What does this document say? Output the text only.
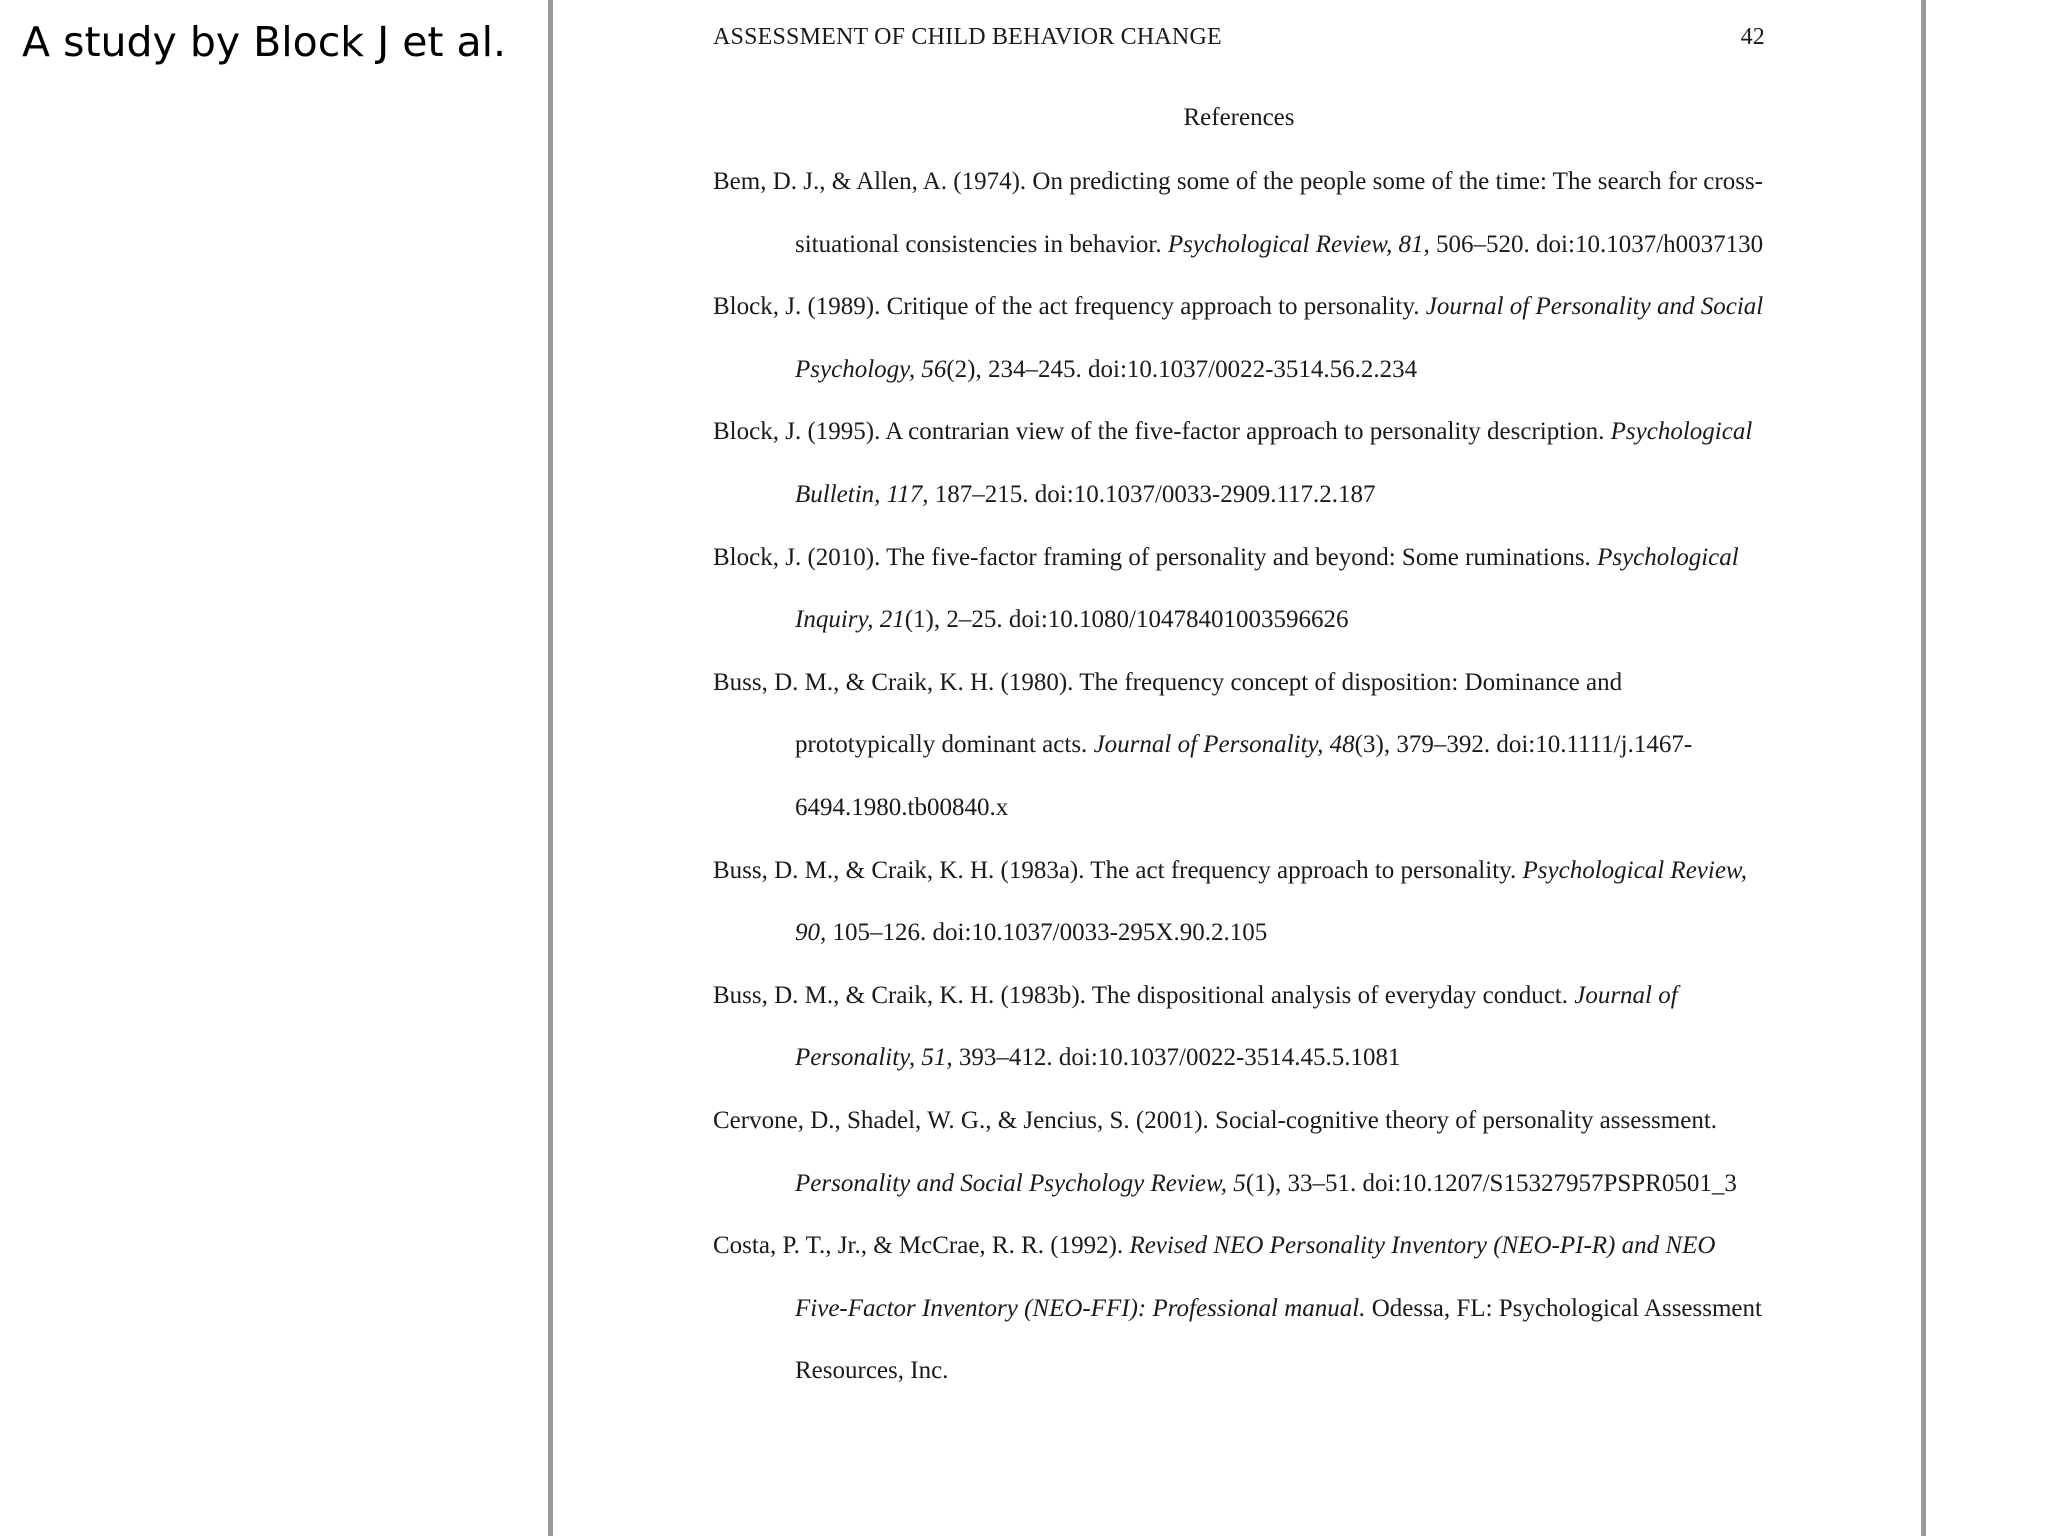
A study by Block J et al.	ASSESSMENT OF CHILD BEHAVIOR CHANGE	42
References

Bem, D. J., & Allen, A. (1974). On predicting some of the people some of the time: The search for cross-situational consistencies in behavior. Psychological Review, 81, 506–520. doi:10.1037/h0037130

Block, J. (1989). Critique of the act frequency approach to personality. Journal of Personality and Social Psychology, 56(2), 234–245. doi:10.1037/0022-3514.56.2.234

Block, J. (1995). A contrarian view of the five-factor approach to personality description. Psychological Bulletin, 117, 187–215. doi:10.1037/0033-2909.117.2.187

Block, J. (2010). The five-factor framing of personality and beyond: Some ruminations. Psychological Inquiry, 21(1), 2–25. doi:10.1080/10478401003596626

Buss, D. M., & Craik, K. H. (1980). The frequency concept of disposition: Dominance and prototypically dominant acts. Journal of Personality, 48(3), 379–392. doi:10.1111/j.1467-6494.1980.tb00840.x

Buss, D. M., & Craik, K. H. (1983a). The act frequency approach to personality. Psychological Review, 90, 105–126. doi:10.1037/0033-295X.90.2.105

Buss, D. M., & Craik, K. H. (1983b). The dispositional analysis of everyday conduct. Journal of Personality, 51, 393–412. doi:10.1037/0022-3514.45.5.1081

Cervone, D., Shadel, W. G., & Jencius, S. (2001). Social-cognitive theory of personality assessment. Personality and Social Psychology Review, 5(1), 33–51. doi:10.1207/S15327957PSPR0501_3

Costa, P. T., Jr., & McCrae, R. R. (1992). Revised NEO Personality Inventory (NEO-PI-R) and NEO Five-Factor Inventory (NEO-FFI): Professional manual. Odessa, FL: Psychological Assessment Resources, Inc.
